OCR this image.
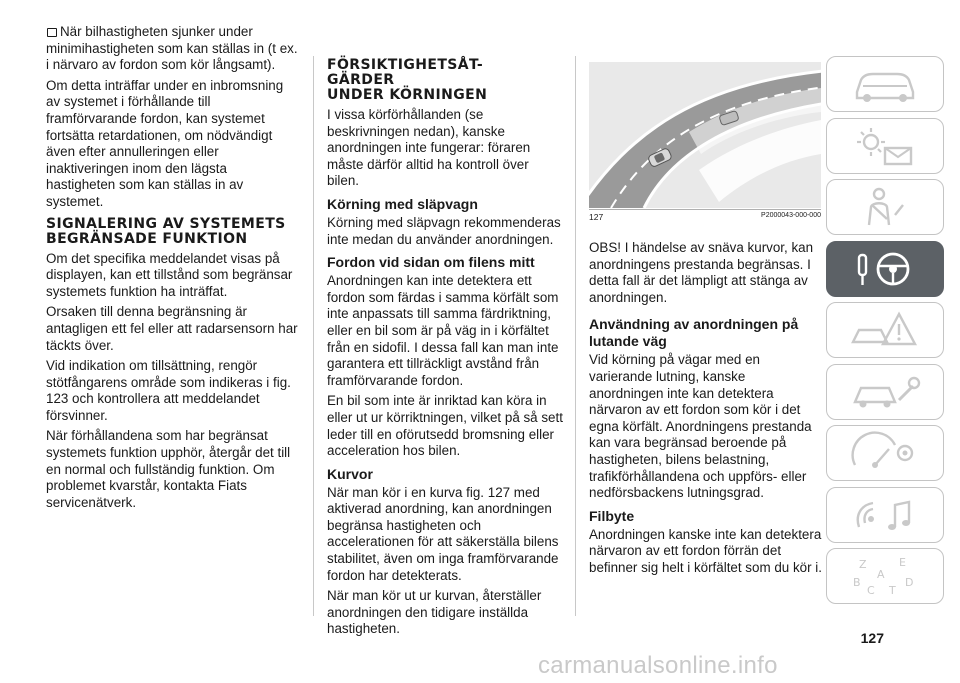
När bilhastigheten sjunker under minimihastigheten som kan ställas in (t ex. i närvaro av fordon som kör långsamt).

Om detta inträffar under en inbromsning av systemet i förhållande till framförvarande fordon, kan systemet fortsätta retardationen, om nödvändigt även efter annulleringen eller inaktiveringen inom den lägsta hastigheten som kan ställas in av systemet.

SIGNALERING AV SYSTEMETS BEGRÄNSADE FUNKTION

Om det specifika meddelandet visas på displayen, kan ett tillstånd som begränsar systemets funktion ha inträffat.

Orsaken till denna begränsning är antagligen ett fel eller att radarsensorn har täckts över.

Vid indikation om tillsättning, rengör stötfångarens område som indikeras i fig. 123 och kontrollera att meddelandet försvinner.

När förhållandena som har begränsat systemets funktion upphör, återgår det till en normal och fullständig funktion. Om problemet kvarstår, kontakta Fiats servicenätverk.

FÖRSIKTIGHETSÅT-
GÄRDER
UNDER KÖRNINGEN

I vissa körförhållanden (se beskrivningen nedan), kanske anordningen inte fungerar: föraren måste därför alltid ha kontroll över bilen.

Körning med släpvagn

Körning med släpvagn rekommenderas inte medan du använder anordningen.

Fordon vid sidan om filens mitt

Anordningen kan inte detektera ett fordon som färdas i samma körfält som inte anpassats till samma färdriktning, eller en bil som är på väg in i körfältet från en sidofil. I dessa fall kan man inte garantera ett tillräckligt avstånd från framförvarande fordon.

En bil som inte är inriktad kan köra in eller ut ur körriktningen, vilket på så sett leder till en oförutsedd bromsning eller acceleration hos bilen.

Kurvor

När man kör i en kurva fig. 127 med aktiverad anordning, kan anordningen begränsa hastigheten och accelerationen för att säkerställa bilens stabilitet, även om inga framförvarande fordon har detekterats.

När man kör ut ur kurvan, återställer anordningen den tidigare inställda hastigheten.

127	P2000043-000-000

OBS! I händelse av snäva kurvor, kan anordningens prestanda begränsas. I detta fall är det lämpligt att stänga av anordningen.

Användning av anordningen på lutande väg

Vid körning på vägar med en varierande lutning, kanske anordningen inte kan detektera närvaron av ett fordon som kör i det egna körfält. Anordningens prestanda kan vara begränsad beroende på hastigheten, bilens belastning, trafikförhållandena och uppförs- eller nedförsbackens lutningsgrad.

Filbyte

Anordningen kanske inte kan detektera närvaron av ett fordon förrän det befinner sig helt i körfältet som du kör i.	Z	E
A
B
C T
D
127
carmanualsonline.info
